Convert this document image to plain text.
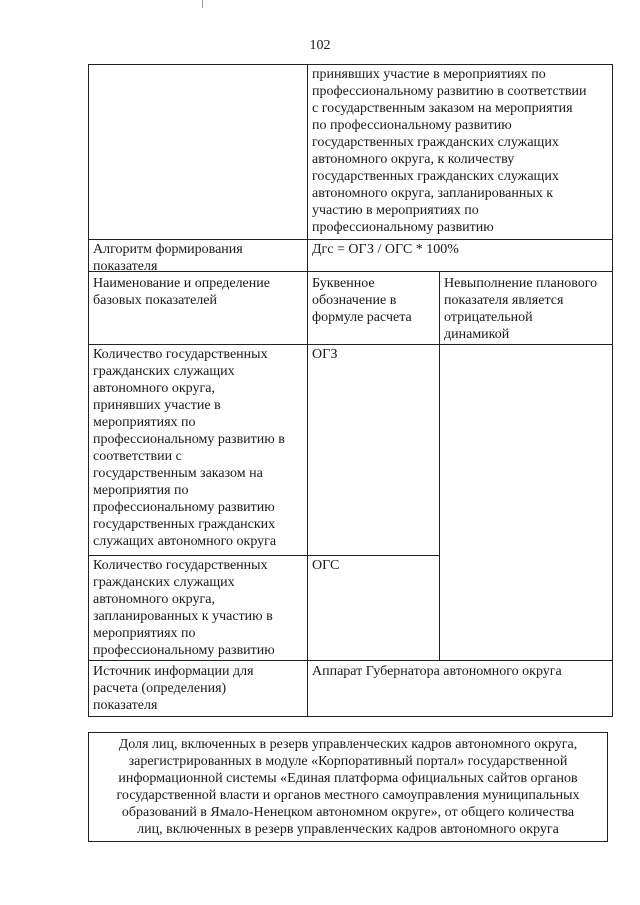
102
принявших участие в мероприятиях по
профессиональному развитию в соответствии
с государственным заказом на мероприятия
по профессиональному развитию
государственных гражданских служащих
автономного округа, к количеству
государственных гражданских служащих
автономного округа, запланированных к
участию в мероприятиях по
профессиональному развитию
Алгоритм формирования
показателя
Дгс = ОГЗ / ОГС * 100%
Наименование и определение
базовых показателей
Буквенное
обозначение в
формуле расчета
Невыполнение планового
показателя является
отрицательной
динамикой
Количество государственных
гражданских служащих
автономного округа,
принявших участие в
мероприятиях по
профессиональному развитию в
соответствии с
государственным заказом на
мероприятия по
профессиональному развитию
государственных гражданских
служащих автономного округа
ОГЗ
Количество государственных
гражданских служащих
автономного округа,
запланированных к участию в
мероприятиях по
профессиональному развитию
ОГС
Источник информации для
расчета (определения)
показателя
Аппарат Губернатора автономного округа
Доля лиц, включенных в резерв управленческих кадров автономного округа,
зарегистрированных в модуле «Корпоративный портал» государственной
информационной системы «Единая платформа официальных сайтов органов
государственной власти и органов местного самоуправления муниципальных
образований в Ямало-Ненецком автономном округе», от общего количества
лиц, включенных в резерв управленческих кадров автономного округа
